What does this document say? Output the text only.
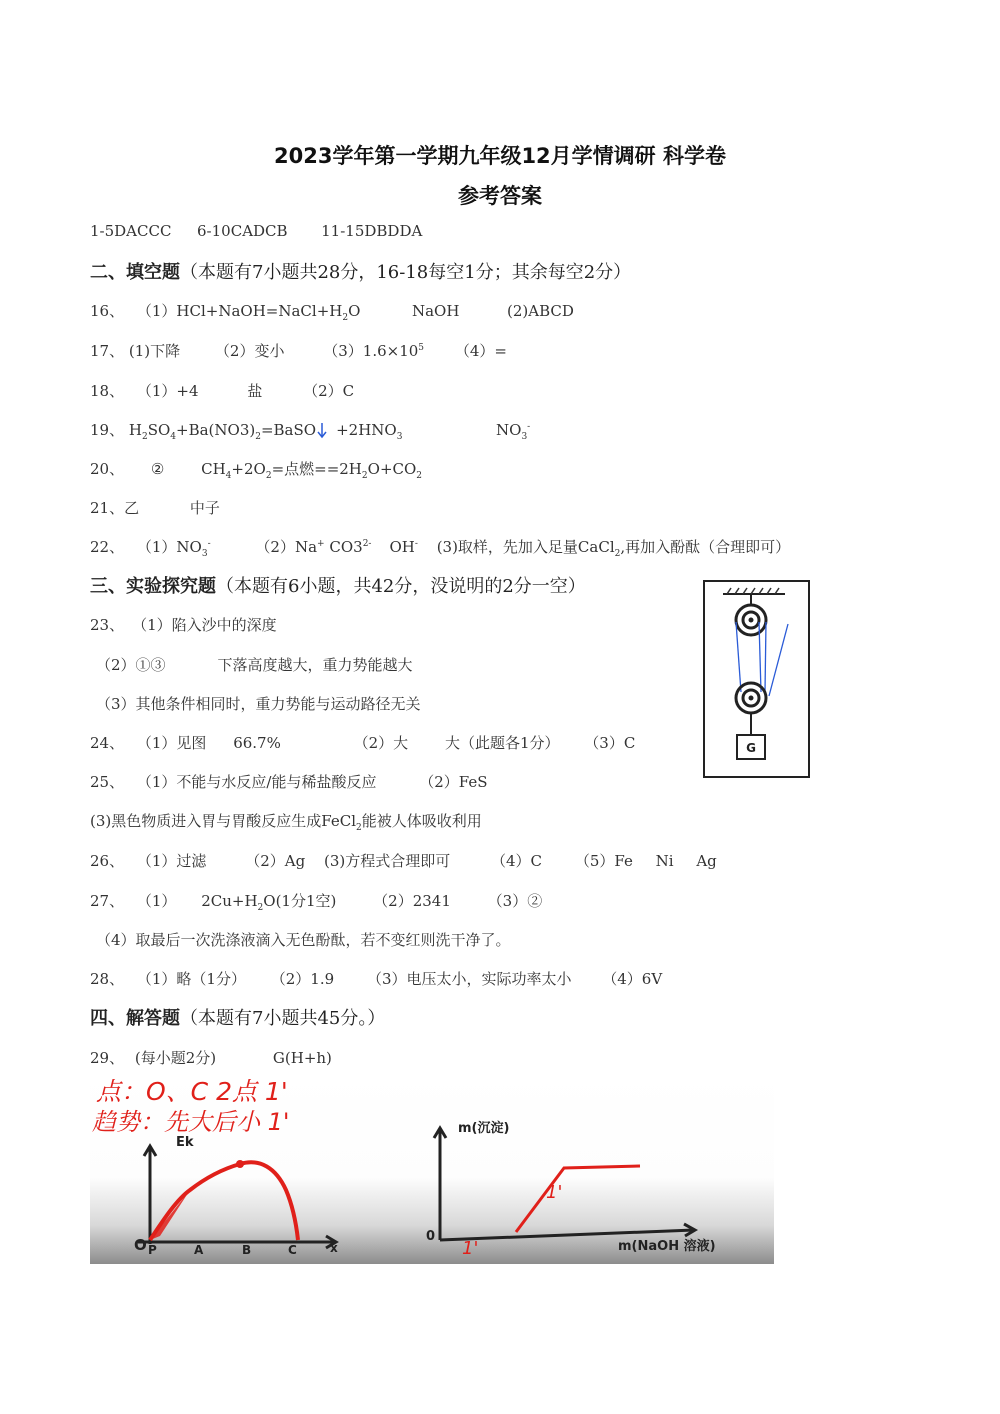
2023学年第一学期九年级12月学情调研 科学卷
参考答案
1-5DACCC 6-10CADCB 11-15DBDDA
二、填空题（本题有7小题共28分，16-18每空1分；其余每空2分）
16、 $(1)HCl+NaOH=NaCl+H_2O$	NaOH	(2)ABCD
17、 (1)下降 （2）变小	$(3)1.6\times 10^5$ （4）=
18、 （1）+4	盐	（2）C
19、 $H_2SO_4+Ba(NO3)_2=BaSO +2HNO_3$	$NO_3^-$
20、 ② $CH_4+2O_2=$点燃$==2H_2O+CO_2$
21、乙	中子
22、 $(1)NO_3^-$	（2）Na+ $CO3^{2-}$ OH- (3)取样，先加入足量CaCl$_2$,再加入酚酞（合理即可）
三、实验探究题（本题有6小题，共42分，没说明的2分一空）
23、 （1）陷入沙中的深度
（2）①③	下落高度越大，重力势能越大
（3）其他条件相同时，重力势能与运动路径无关
24、 （1）见图 66.7%	（2）大 大（此题各1分） （3）C
25、 （1）不能与水反应/能与稀盐酸反应	（2）FeS
(3)黑色物质进入胃与胃酸反应生成FeCl$_2$能被人体吸收利用
26、 （1）过滤	（2）Ag (3)方程式合理即可	（4）C （5）Fe Ni Ag
27、 （1） $2Cu+H_2O(1$分1空) （2）2341 （3）②
（4）取最后一次洗涤液滴入无色酚酞，若不变红则洗干净了。
28、 （1）略（1分） （2）1.9 （3）电压太小，实际功率太小 （4）6V
四、解答题（本题有7小题共45分。）
29、 (每小题2分)	G(H+h)
G
点：O、C 2点 1'
趋势：先大后小 1'
Ek
O P	A	B	C	x
m(沉淀)
0
m(NaOH 溶液)
1'
1'
